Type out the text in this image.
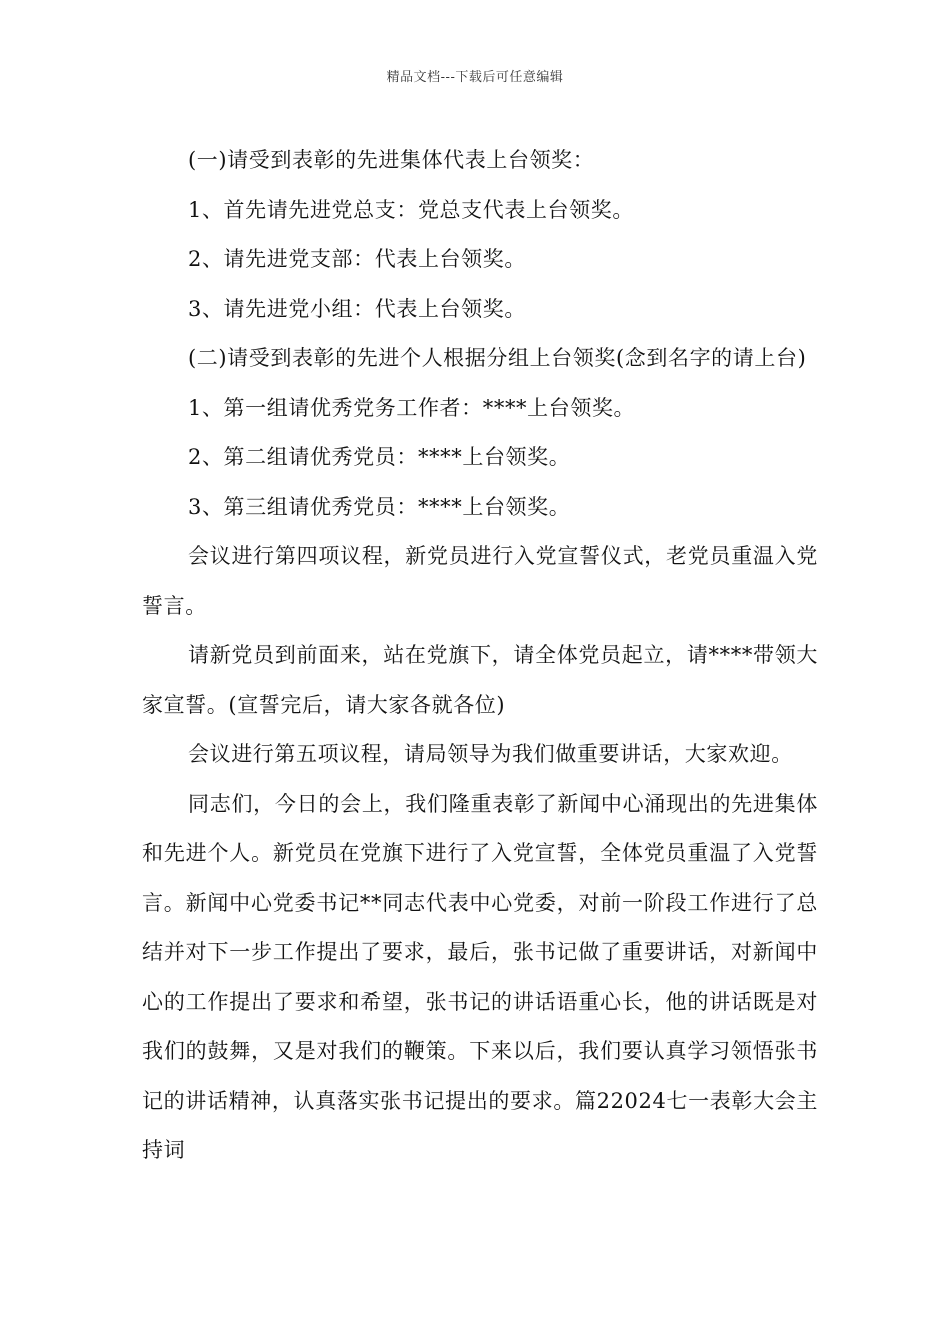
精品文档---下载后可任意编辑

(一)请受到表彰的先进集体代表上台领奖：

1、首先请先进党总支：党总支代表上台领奖。

2、请先进党支部：代表上台领奖。

3、请先进党小组：代表上台领奖。

(二)请受到表彰的先进个人根据分组上台领奖(念到名字的请上台)

1、第一组请优秀党务工作者：****上台领奖。

2、第二组请优秀党员：****上台领奖。

3、第三组请优秀党员：****上台领奖。

会议进行第四项议程，新党员进行入党宣誓仪式，老党员重温入党誓言。

请新党员到前面来，站在党旗下，请全体党员起立，请****带领大家宣誓。(宣誓完后，请大家各就各位)

会议进行第五项议程，请局领导为我们做重要讲话，大家欢迎。

同志们，今日的会上，我们隆重表彰了新闻中心涌现出的先进集体和先进个人。新党员在党旗下进行了入党宣誓，全体党员重温了入党誓言。新闻中心党委书记**同志代表中心党委，对前一阶段工作进行了总结并对下一步工作提出了要求，最后，张书记做了重要讲话，对新闻中心的工作提出了要求和希望，张书记的讲话语重心长，他的讲话既是对我们的鼓舞，又是对我们的鞭策。下来以后，我们要认真学习领悟张书记的讲话精神，认真落实张书记提出的要求。篇22024七一表彰大会主持词
